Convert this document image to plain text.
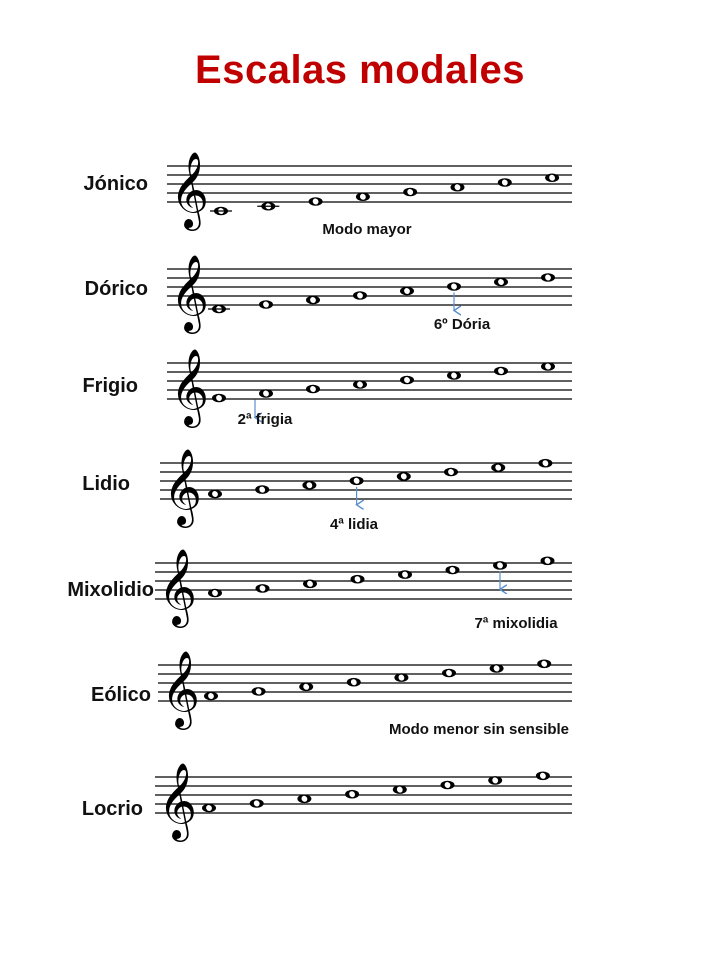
Escalas modales
Jónico 𝄞
Modo mayor
Dórico 𝄞	6º Dória
Frigio 𝄞 2ª frigia
Lidio 𝄞	4ª lidia
Mixolidio 𝄞	7ª mixolidia
Eólico 𝄞
Modo menor sin sensible
Locrio 𝄞
